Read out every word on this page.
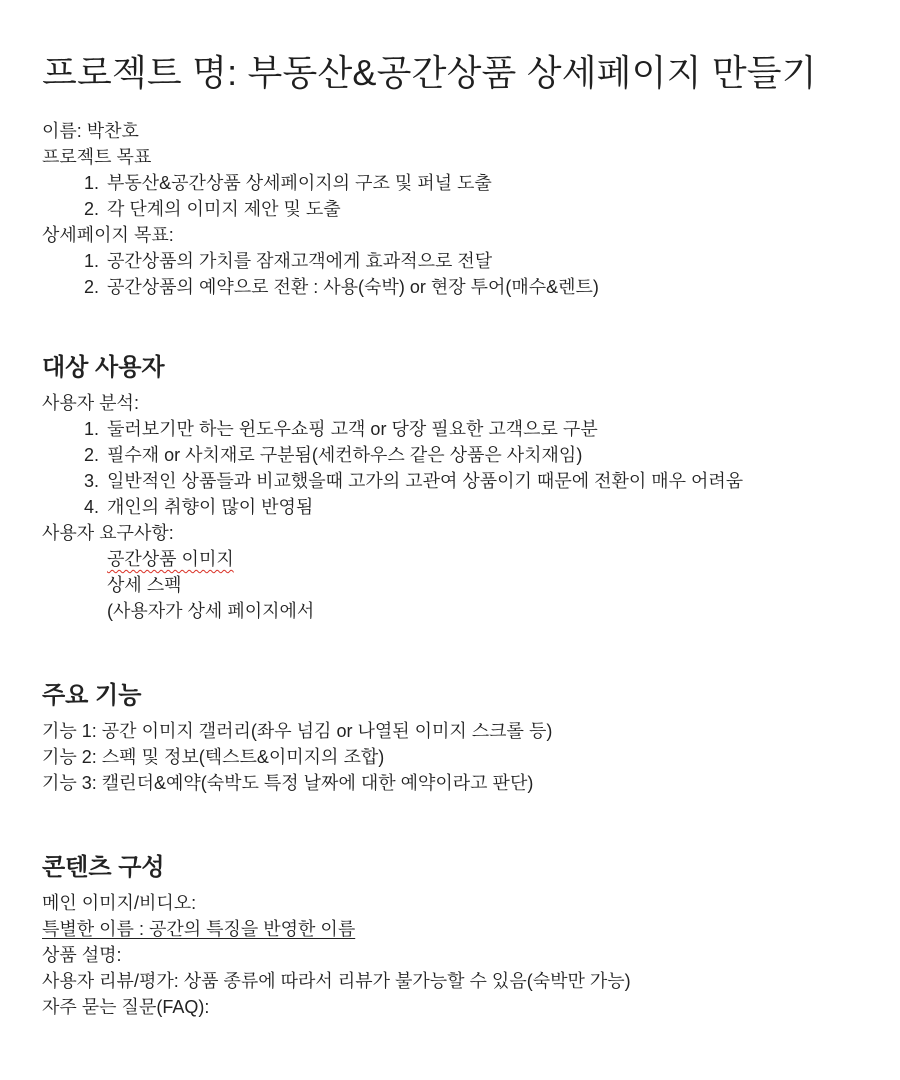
프로젝트 명: 부동산&공간상품 상세페이지 만들기

이름: 박찬호

프로젝트 목표

1. 부동산&공간상품 상세페이지의 구조 및 퍼널 도출
2. 각 단계의 이미지 제안 및 도출

상세페이지 목표:

1. 공간상품의 가치를 잠재고객에게 효과적으로 전달
2. 공간상품의 예약으로 전환 : 사용(숙박) or 현장 투어(매수&렌트)
대상 사용자

사용자 분석:

1. 둘러보기만 하는 윈도우쇼핑 고객 or 당장 필요한 고객으로 구분
2. 필수재 or 사치재로 구분됨(세컨하우스 같은 상품은 사치재임)
3. 일반적인 상품들과 비교했을때 고가의 고관여 상품이기 때문에 전환이 매우 어려움
4. 개인의 취향이 많이 반영됨

사용자 요구사항:

공간상품 이미지

상세 스펙

(사용자가 상세 페이지에서

주요 기능

기능 1: 공간 이미지 갤러리(좌우 넘김 or 나열된 이미지 스크롤 등)

기능 2: 스펙 및 정보(텍스트&이미지의 조합)

기능 3: 캘린더&예약(숙박도 특정 날짜에 대한 예약이라고 판단)

콘텐츠 구성

메인 이미지/비디오:

특별한 이름 : 공간의 특징을 반영한 이름

상품 설명:

사용자 리뷰/평가: 상품 종류에 따라서 리뷰가 불가능할 수 있음(숙박만 가능)

자주 묻는 질문(FAQ):
